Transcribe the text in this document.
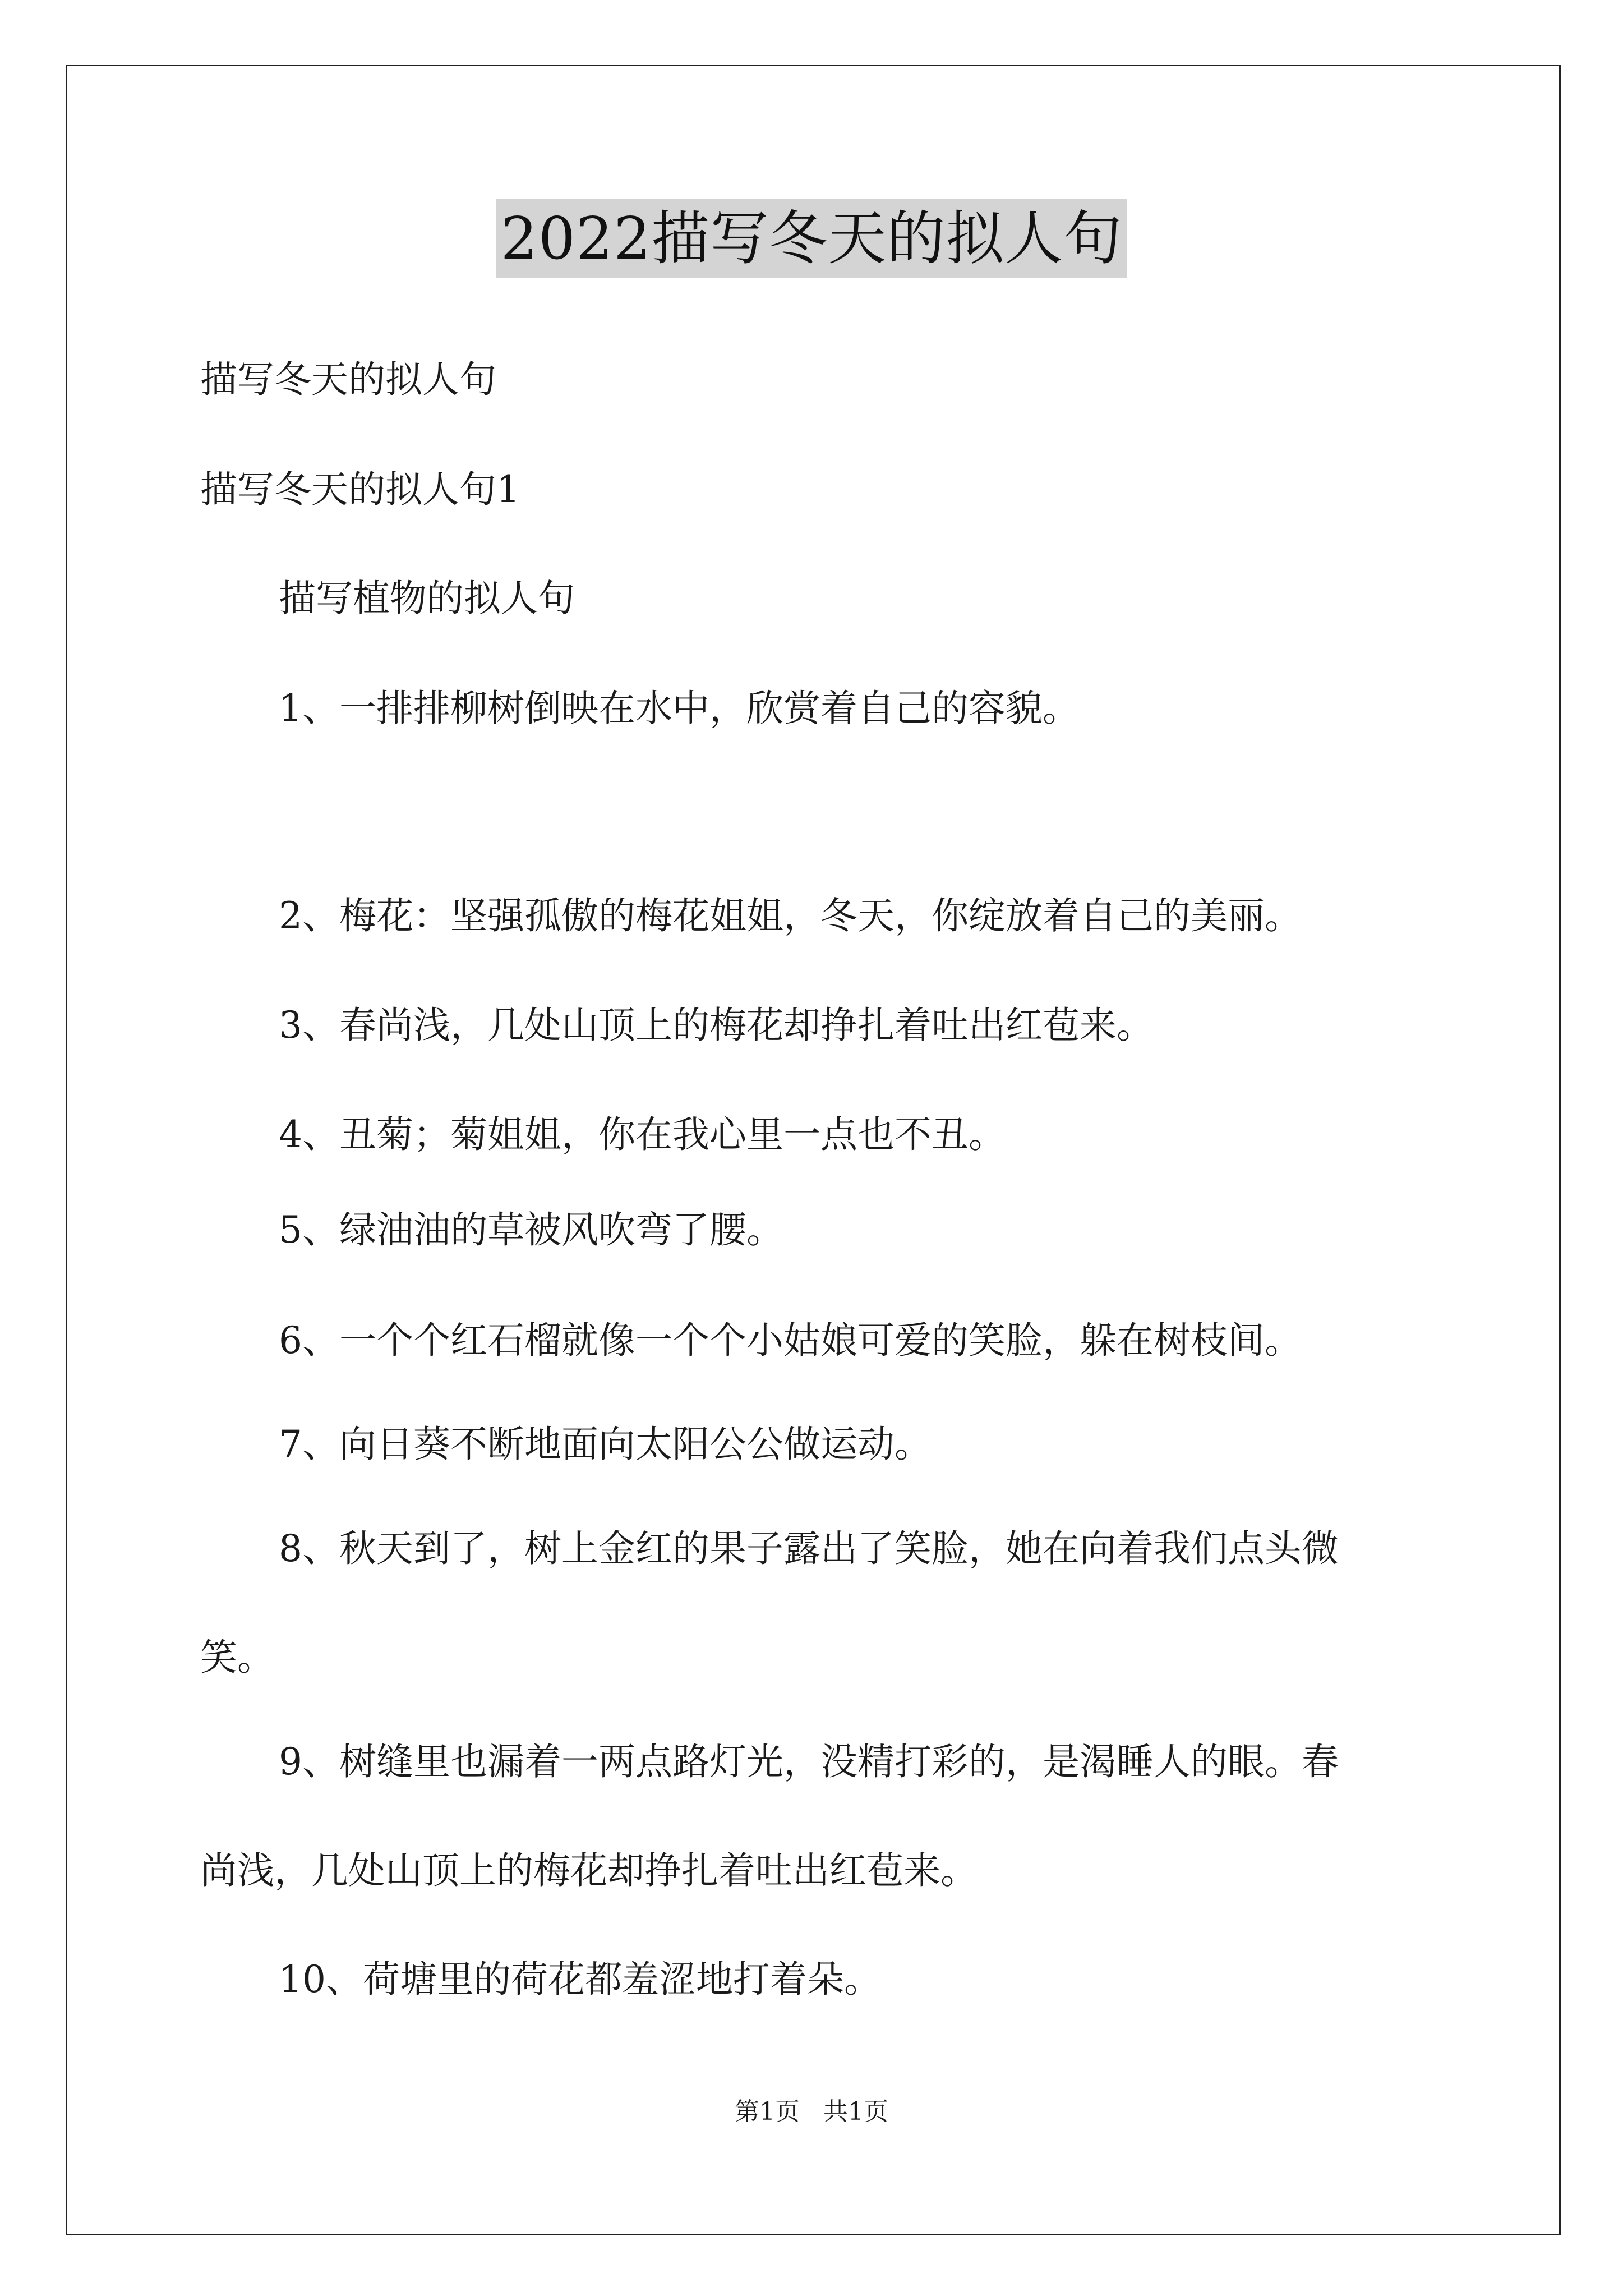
2022描写冬天的拟人句
描写冬天的拟人句
描写冬天的拟人句1
描写植物的拟人句
1、一排排柳树倒映在水中，欣赏着自己的容貌。
2、梅花：坚强孤傲的梅花姐姐，冬天，你绽放着自己的美丽。
3、春尚浅，几处山顶上的梅花却挣扎着吐出红苞来。
4、丑菊；菊姐姐，你在我心里一点也不丑。
5、绿油油的草被风吹弯了腰。
6、一个个红石榴就像一个个小姑娘可爱的笑脸，躲在树枝间。
7、向日葵不断地面向太阳公公做运动。
8、秋天到了，树上金红的果子露出了笑脸，她在向着我们点头微
笑。
9、树缝里也漏着一两点路灯光，没精打彩的，是渴睡人的眼。春
尚浅，几处山顶上的梅花却挣扎着吐出红苞来。
10、荷塘里的荷花都羞涩地打着朵。
第1页 共1页
